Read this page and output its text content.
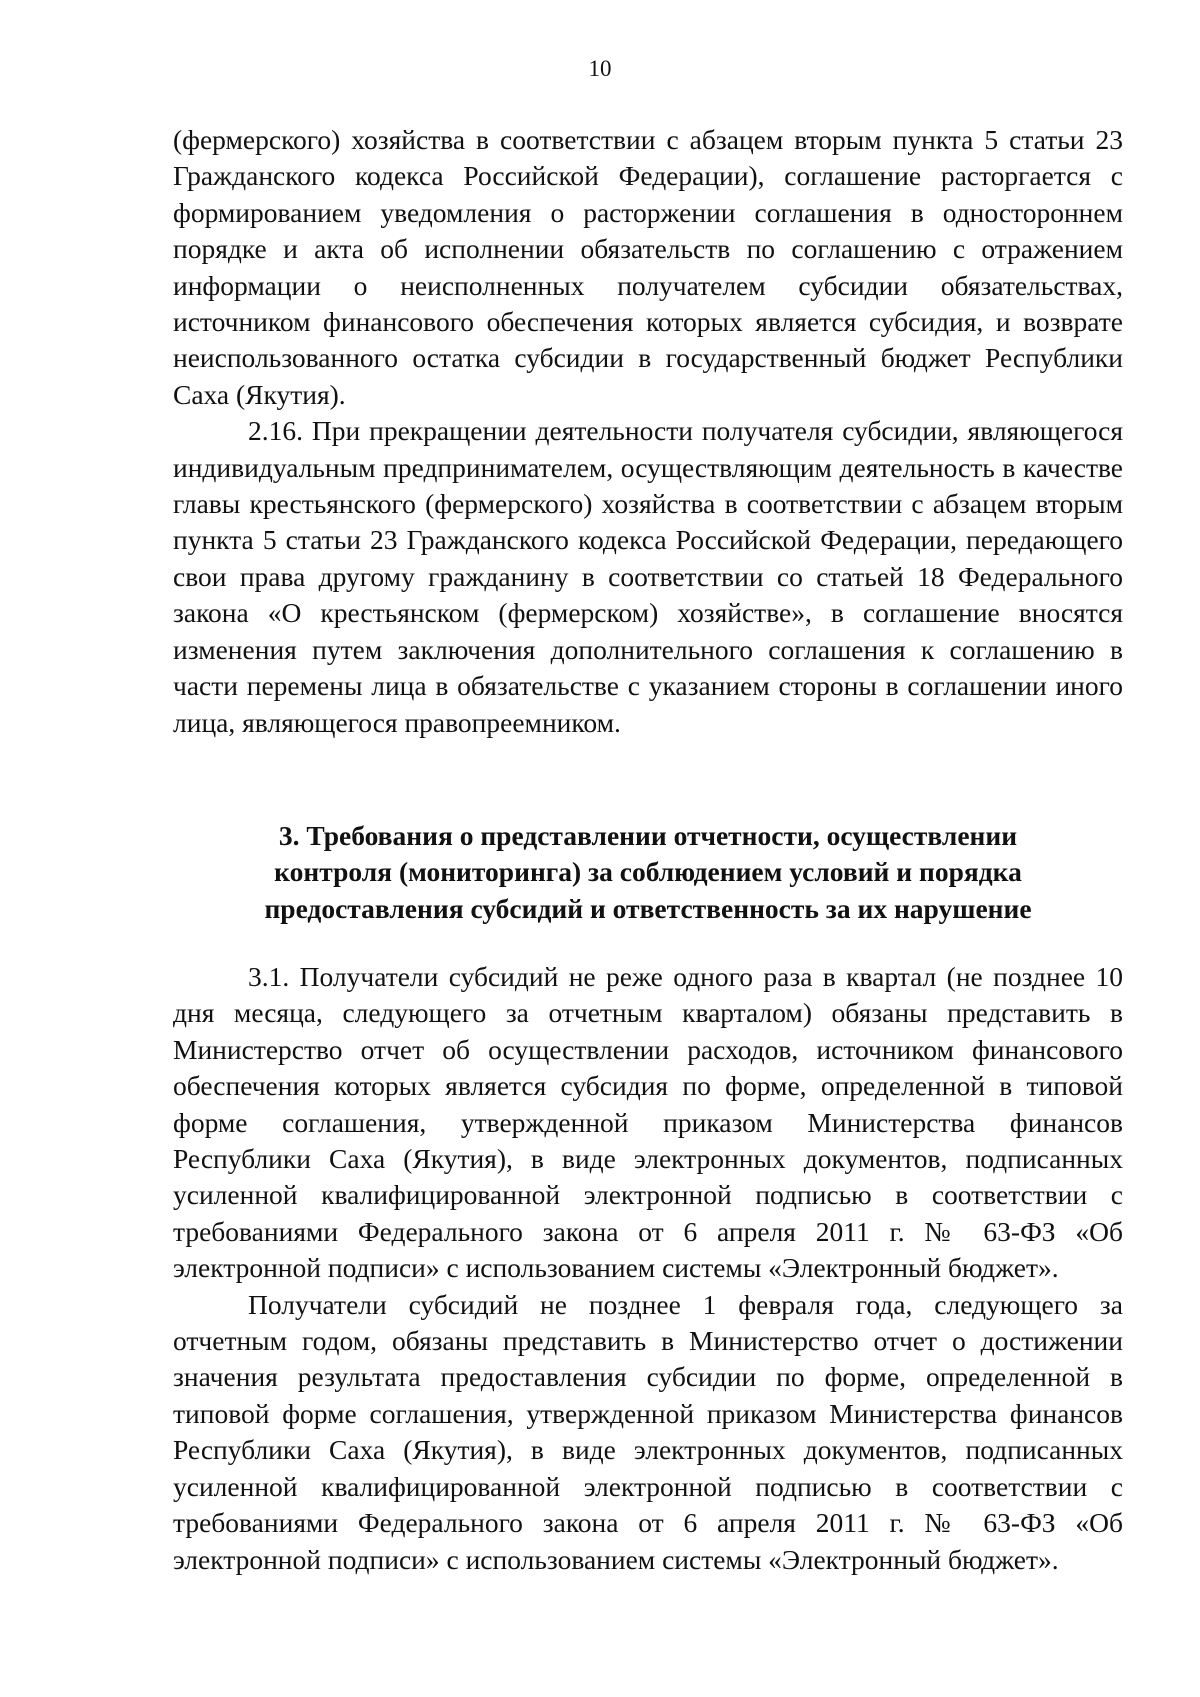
10

(фермерского) хозяйства в соответствии с абзацем вторым пункта 5 статьи 23 Гражданского кодекса Российской Федерации), соглашение расторгается с формированием уведомления о расторжении соглашения в одностороннем порядке и акта об исполнении обязательств по соглашению с отражением информации о неисполненных получателем субсидии обязательствах, источником финансового обеспечения которых является субсидия, и возврате неиспользованного остатка субсидии в государственный бюджет Республики Саха (Якутия).

2.16. При прекращении деятельности получателя субсидии, являющегося индивидуальным предпринимателем, осуществляющим деятельность в качестве главы крестьянского (фермерского) хозяйства в соответствии с абзацем вторым пункта 5 статьи 23 Гражданского кодекса Российской Федерации, передающего свои права другому гражданину в соответствии со статьей 18 Федерального закона «О крестьянском (фермерском) хозяйстве», в соглашение вносятся изменения путем заключения дополнительного соглашения к соглашению в части перемены лица в обязательстве с указанием стороны в соглашении иного лица, являющегося правопреемником.

3. Требования о представлении отчетности, осуществлении
контроля (мониторинга) за соблюдением условий и порядка
предоставления субсидий и ответственность за их нарушение

3.1. Получатели субсидий не реже одного раза в квартал (не позднее 10 дня месяца, следующего за отчетным кварталом) обязаны представить в Министерство отчет об осуществлении расходов, источником финансового обеспечения которых является субсидия по форме, определенной в типовой форме соглашения, утвержденной приказом Министерства финансов Республики Саха (Якутия), в виде электронных документов, подписанных усиленной квалифицированной электронной подписью в соответствии с требованиями Федерального закона от 6 апреля 2011 г. № 63-ФЗ «Об электронной подписи» с использованием системы «Электронный бюджет».

Получатели субсидий не позднее 1 февраля года, следующего за отчетным годом, обязаны представить в Министерство отчет о достижении значения результата предоставления субсидии по форме, определенной в типовой форме соглашения, утвержденной приказом Министерства финансов Республики Саха (Якутия), в виде электронных документов, подписанных усиленной квалифицированной электронной подписью в соответствии с требованиями Федерального закона от 6 апреля 2011 г. № 63-ФЗ «Об электронной подписи» с использованием системы «Электронный бюджет».
